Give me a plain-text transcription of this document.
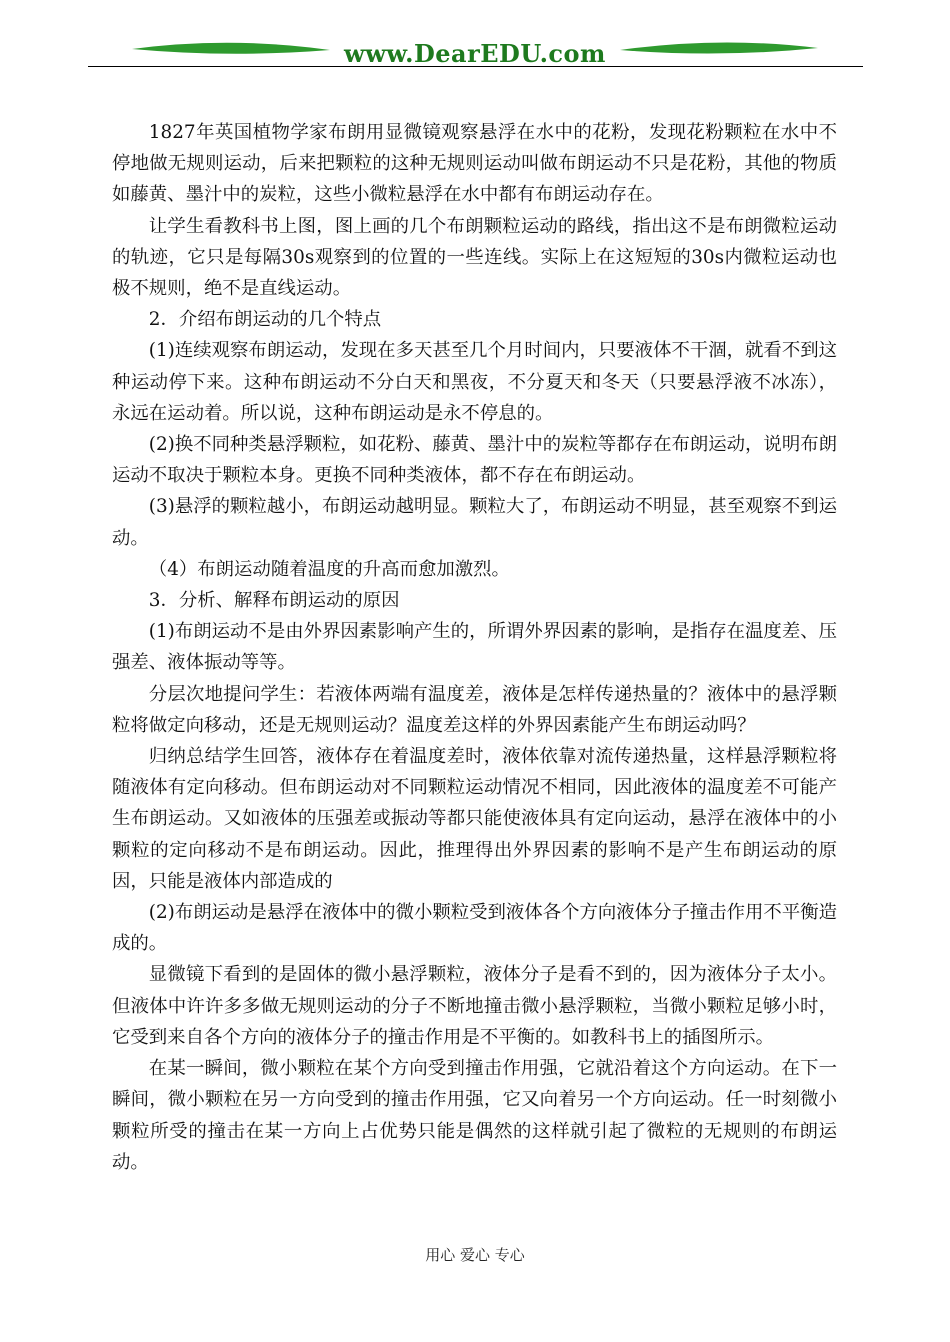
www.DearEDU.com

1827年英国植物学家布朗用显微镜观察悬浮在水中的花粉，发现花粉颗粒在水中不停地做无规则运动，后来把颗粒的这种无规则运动叫做布朗运动不只是花粉，其他的物质如藤黄、墨汁中的炭粒，这些小微粒悬浮在水中都有布朗运动存在。

让学生看教科书上图，图上画的几个布朗颗粒运动的路线，指出这不是布朗微粒运动的轨迹，它只是每隔30s观察到的位置的一些连线。实际上在这短短的30s内微粒运动也极不规则，绝不是直线运动。

2．介绍布朗运动的几个特点

(1)连续观察布朗运动，发现在多天甚至几个月时间内，只要液体不干涸，就看不到这种运动停下来。这种布朗运动不分白天和黑夜，不分夏天和冬天（只要悬浮液不冰冻），永远在运动着。所以说，这种布朗运动是永不停息的。

(2)换不同种类悬浮颗粒，如花粉、藤黄、墨汁中的炭粒等都存在布朗运动，说明布朗运动不取决于颗粒本身。更换不同种类液体，都不存在布朗运动。

(3)悬浮的颗粒越小，布朗运动越明显。颗粒大了，布朗运动不明显，甚至观察不到运动。

（4）布朗运动随着温度的升高而愈加激烈。

3．分析、解释布朗运动的原因

(1)布朗运动不是由外界因素影响产生的，所谓外界因素的影响，是指存在温度差、压强差、液体振动等等。

分层次地提问学生：若液体两端有温度差，液体是怎样传递热量的？液体中的悬浮颗粒将做定向移动，还是无规则运动？温度差这样的外界因素能产生布朗运动吗？

归纳总结学生回答，液体存在着温度差时，液体依靠对流传递热量，这样悬浮颗粒将随液体有定向移动。但布朗运动对不同颗粒运动情况不相同，因此液体的温度差不可能产生布朗运动。又如液体的压强差或振动等都只能使液体具有定向运动，悬浮在液体中的小颗粒的定向移动不是布朗运动。因此，推理得出外界因素的影响不是产生布朗运动的原因，只能是液体内部造成的

(2)布朗运动是悬浮在液体中的微小颗粒受到液体各个方向液体分子撞击作用不平衡造成的。

显微镜下看到的是固体的微小悬浮颗粒，液体分子是看不到的，因为液体分子太小。但液体中许许多多做无规则运动的分子不断地撞击微小悬浮颗粒，当微小颗粒足够小时，它受到来自各个方向的液体分子的撞击作用是不平衡的。如教科书上的插图所示。

在某一瞬间，微小颗粒在某个方向受到撞击作用强，它就沿着这个方向运动。在下一瞬间，微小颗粒在另一方向受到的撞击作用强，它又向着另一个方向运动。任一时刻微小颗粒所受的撞击在某一方向上占优势只能是偶然的这样就引起了微粒的无规则的布朗运动。

用心 爱心 专心
